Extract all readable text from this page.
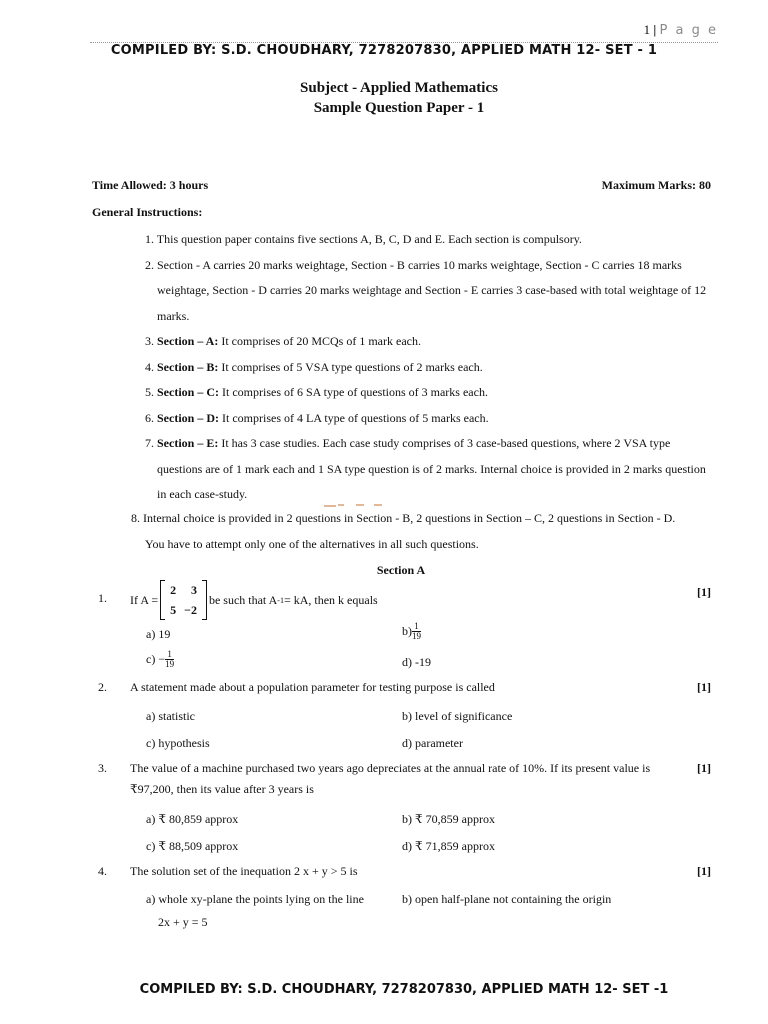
1 | P a g e
COMPILED BY: S.D. CHOUDHARY, 7278207830, APPLIED MATH 12- SET - 1
Subject - Applied Mathematics
Sample Question Paper - 1
Time Allowed: 3 hours	Maximum Marks: 80
General Instructions:
1. This question paper contains five sections A, B, C, D and E. Each section is compulsory.
2. Section - A carries 20 marks weightage, Section - B carries 10 marks weightage, Section - C carries 18 marks
weightage, Section - D carries 20 marks weightage and Section - E carries 3 case-based with total weightage of 12
marks.
3. Section – A: It comprises of 20 MCQs of 1 mark each.
4. Section – B: It comprises of 5 VSA type questions of 2 marks each.
5. Section – C: It comprises of 6 SA type of questions of 3 marks each.
6. Section – D: It comprises of 4 LA type of questions of 5 marks each.
7. Section – E: It has 3 case studies. Each case study comprises of 3 case-based questions, where 2 VSA type
questions are of 1 mark each and 1 SA type question is of 2 marks. Internal choice is provided in 2 marks question
in each case-study.
8. Internal choice is provided in 2 questions in Section - B, 2 questions in Section – C, 2 questions in Section - D.
You have to attempt only one of the alternatives in all such questions.
Section A
1. If A =
2	3
5	−2
be such that A -1 = kA, then k equals
[1]
a) 19	$b) \frac{1}{19}$
$c) - \frac{1}{19}$	d) -19
2. A statement made about a population parameter for testing purpose is called	[1]
a) statistic	b) level of significance
c) hypothesis	d) parameter
3. The value of a machine purchased two years ago depreciates at the annual rate of 10%. If its present value is
₹97,200, then its value after 3 years is
[1]
a) ₹ 80,859 approx	b) ₹ 70,859 approx
c) ₹ 88,509 approx	d) ₹ 71,859 approx
4. The solution set of the inequation 2 x + y > 5 is	[1]
a) whole xy-plane the points lying on the line
2x + y = 5
b) open half-plane not containing the origin
COMPILED BY: S.D. CHOUDHARY, 7278207830, APPLIED MATH 12- SET -1
